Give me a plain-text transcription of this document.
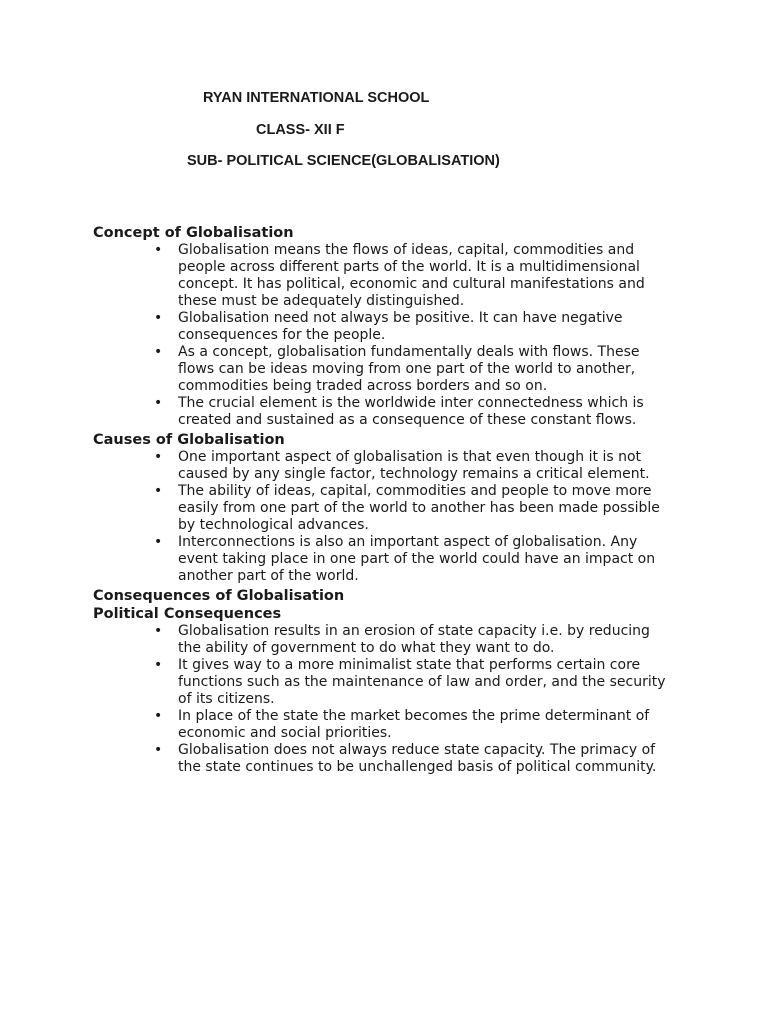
RYAN INTERNATIONAL SCHOOL
CLASS- XII F
SUB- POLITICAL SCIENCE(GLOBALISATION)
Concept of Globalisation
• Globalisation means the flows of ideas, capital, commodities and people across different parts of the world. It is a multidimensional concept. It has political, economic and cultural manifestations and these must be adequately distinguished.
• Globalisation need not always be positive. It can have negative consequences for the people.
• As a concept, globalisation fundamentally deals with flows. These flows can be ideas moving from one part of the world to another, commodities being traded across borders and so on.
• The crucial element is the worldwide inter connectedness which is created and sustained as a consequence of these constant flows.
Causes of Globalisation
• One important aspect of globalisation is that even though it is not caused by any single factor, technology remains a critical element.
• The ability of ideas, capital, commodities and people to move more easily from one part of the world to another has been made possible by technological advances.
• Interconnections is also an important aspect of globalisation. Any event taking place in one part of the world could have an impact on another part of the world.
Consequences of Globalisation
Political Consequences
• Globalisation results in an erosion of state capacity i.e. by reducing the ability of government to do what they want to do.
• It gives way to a more minimalist state that performs certain core functions such as the maintenance of law and order, and the security of its citizens.
• In place of the state the market becomes the prime determinant of economic and social priorities.
• Globalisation does not always reduce state capacity. The primacy of the state continues to be unchallenged basis of political community.
